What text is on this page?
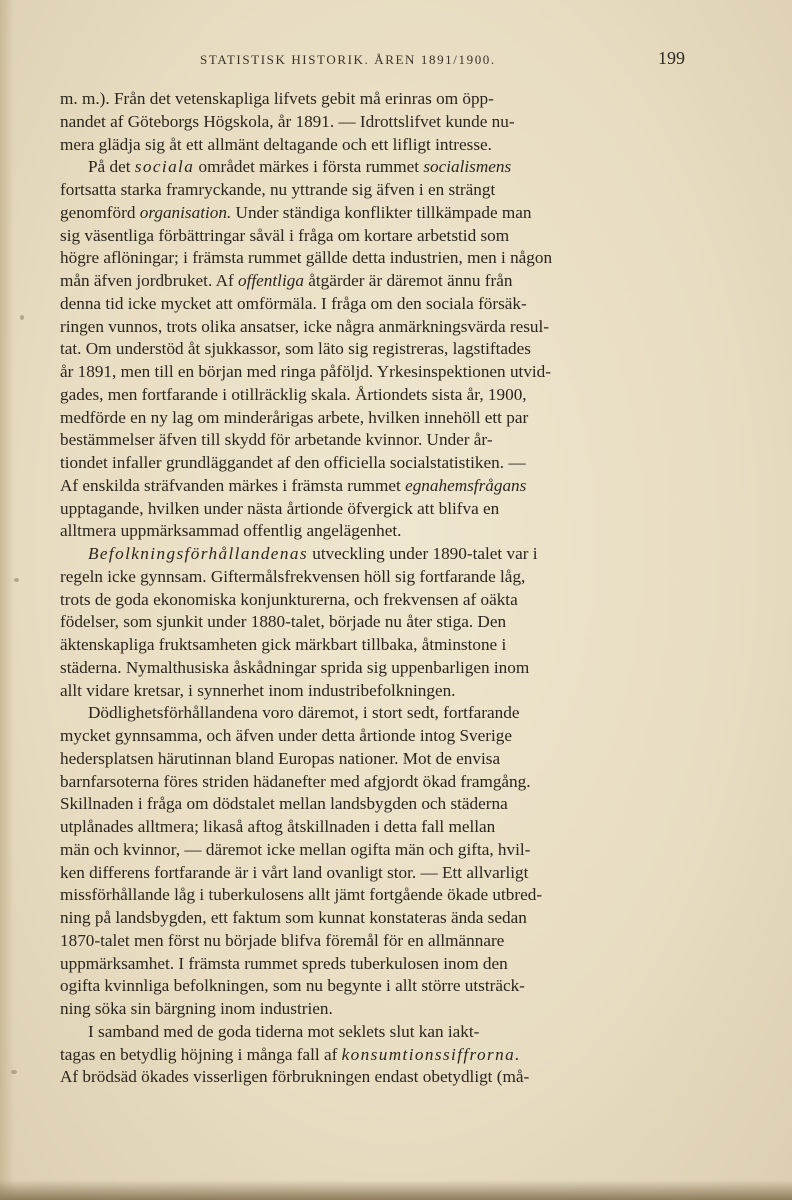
STATISTISK HISTORIK. ÅREN 1891/1900.	199
m. m.). Från det vetenskapliga lifvets gebit må erinras om öpp-
nandet af Göteborgs Högskola, år 1891. — Idrottslifvet kunde nu-
mera glädja sig åt ett allmänt deltagande och ett lifligt intresse.
På det sociala området märkes i första rummet socialismens
fortsatta starka framryckande, nu yttrande sig äfven i en strängt
genomförd organisation. Under ständiga konflikter tillkämpade man
sig väsentliga förbättringar såväl i fråga om kortare arbetstid som
högre aflöningar; i främsta rummet gällde detta industrien, men i någon
mån äfven jordbruket. Af offentliga åtgärder är däremot ännu från
denna tid icke mycket att omförmäla. I fråga om den sociala försäk-
ringen vunnos, trots olika ansatser, icke några anmärkningsvärda resul-
tat. Om understöd åt sjukkassor, som läto sig registreras, lagstiftades
år 1891, men till en början med ringa påföljd. Yrkesinspektionen utvid-
gades, men fortfarande i otillräcklig skala. Årtiondets sista år, 1900,
medförde en ny lag om minderårigas arbete, hvilken innehöll ett par
bestämmelser äfven till skydd för arbetande kvinnor. Under år-
tiondet infaller grundläggandet af den officiella socialstatistiken. —
Af enskilda sträfvanden märkes i främsta rummet egnahemsfrågans
upptagande, hvilken under nästa årtionde öfvergick att blifva en
alltmera uppmärksammad offentlig angelägenhet.
Befolkningsförhållandenas utveckling under 1890-talet var i
regeln icke gynnsam. Giftermålsfrekvensen höll sig fortfarande låg,
trots de goda ekonomiska konjunkturerna, och frekvensen af oäkta
födelser, som sjunkit under 1880-talet, började nu åter stiga. Den
äktenskapliga fruktsamheten gick märkbart tillbaka, åtminstone i
städerna. Nymalthusiska åskådningar sprida sig uppenbarligen inom
allt vidare kretsar, i synnerhet inom industribefolkningen.
Dödlighetsförhållandena voro däremot, i stort sedt, fortfarande
mycket gynnsamma, och äfven under detta årtionde intog Sverige
hedersplatsen härutinnan bland Europas nationer. Mot de envisa
barnfarsoterna föres striden hädanefter med afgjordt ökad framgång.
Skillnaden i fråga om dödstalet mellan landsbygden och städerna
utplånades alltmera; likaså aftog åtskillnaden i detta fall mellan
män och kvinnor, — däremot icke mellan ogifta män och gifta, hvil-
ken differens fortfarande är i vårt land ovanligt stor. — Ett allvarligt
missförhållande låg i tuberkulosens allt jämt fortgående ökade utbred-
ning på landsbygden, ett faktum som kunnat konstateras ända sedan
1870-talet men först nu började blifva föremål för en allmännare
uppmärksamhet. I främsta rummet spreds tuberkulosen inom den
ogifta kvinnliga befolkningen, som nu begynte i allt större utsträck-
ning söka sin bärgning inom industrien.
I samband med de goda tiderna mot seklets slut kan iakt-
tagas en betydlig höjning i många fall af konsumtionssiffrorna.
Af brödsäd ökades visserligen förbrukningen endast obetydligt (må-
